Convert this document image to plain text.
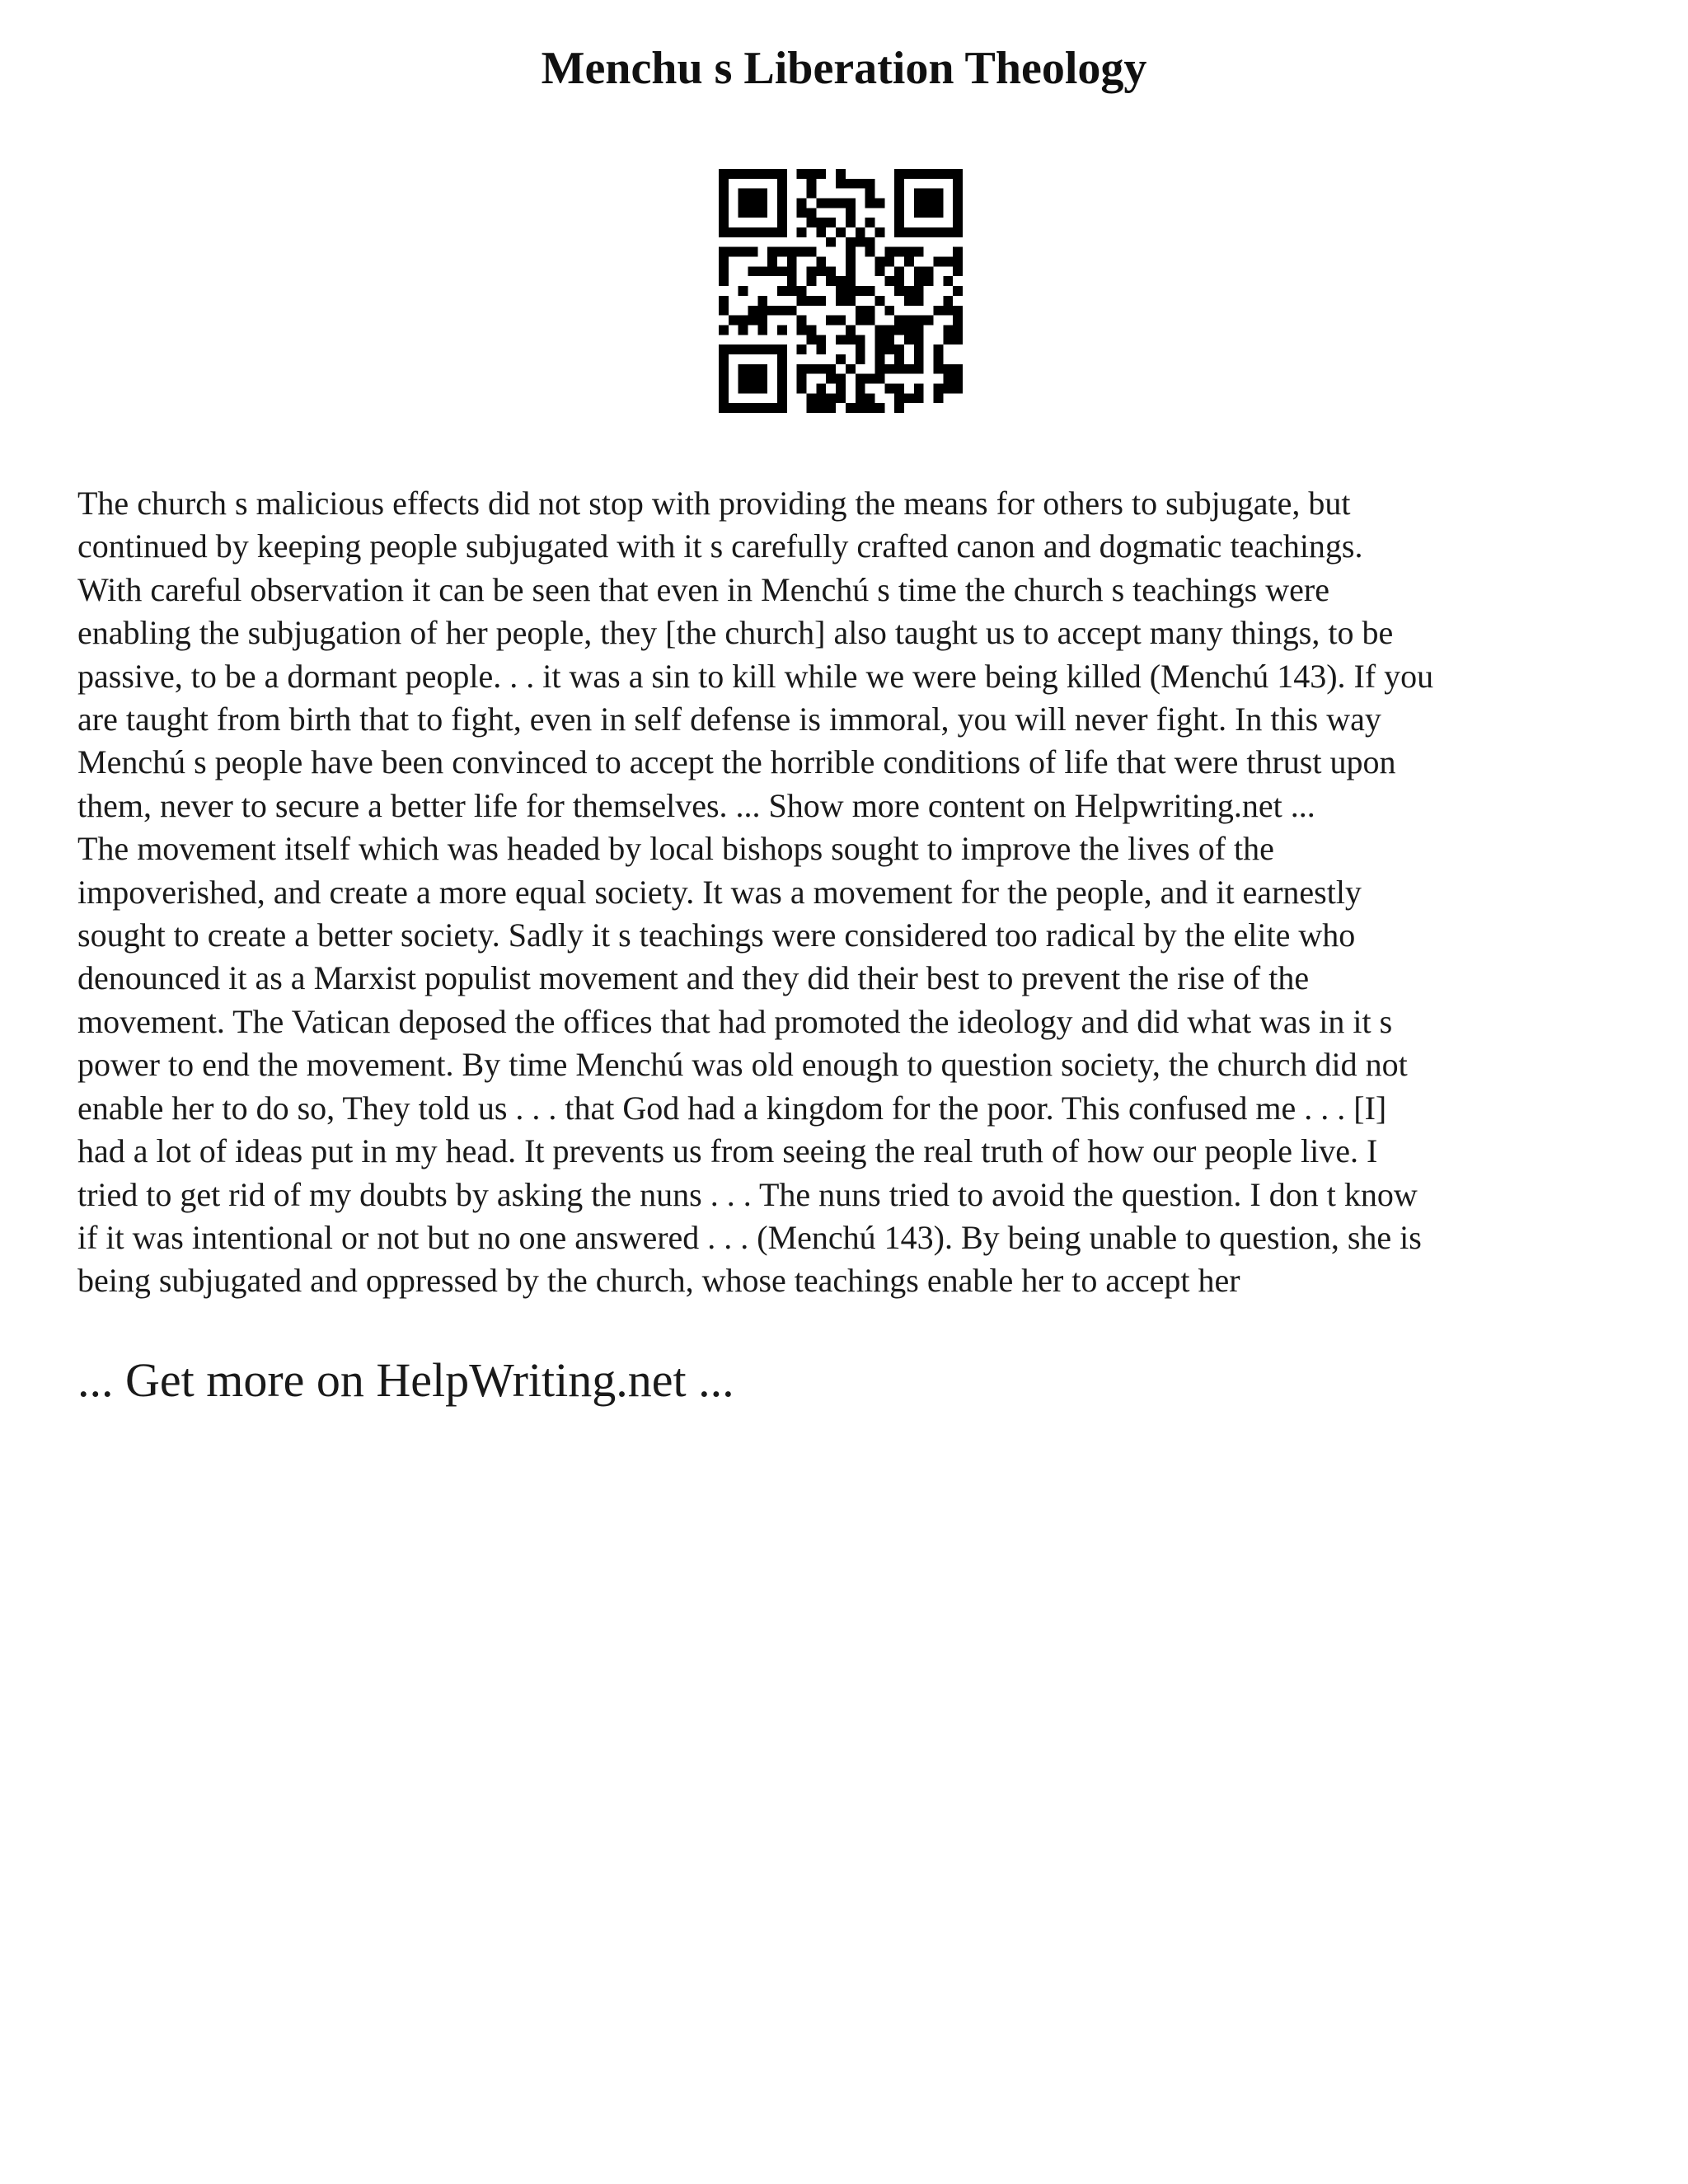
Menchu s Liberation Theology
The church s malicious effects did not stop with providing the means for others to subjugate, but
continued by keeping people subjugated with it s carefully crafted canon and dogmatic teachings.
With careful observation it can be seen that even in Menchú s time the church s teachings were
enabling the subjugation of her people, they [the church] also taught us to accept many things, to be
passive, to be a dormant people. . . it was a sin to kill while we were being killed (Menchú 143). If you
are taught from birth that to fight, even in self defense is immoral, you will never fight. In this way
Menchú s people have been convinced to accept the horrible conditions of life that were thrust upon
them, never to secure a better life for themselves. ... Show more content on Helpwriting.net ...
The movement itself which was headed by local bishops sought to improve the lives of the
impoverished, and create a more equal society. It was a movement for the people, and it earnestly
sought to create a better society. Sadly it s teachings were considered too radical by the elite who
denounced it as a Marxist populist movement and they did their best to prevent the rise of the
movement. The Vatican deposed the offices that had promoted the ideology and did what was in it s
power to end the movement. By time Menchú was old enough to question society, the church did not
enable her to do so, They told us . . . that God had a kingdom for the poor. This confused me . . . [I]
had a lot of ideas put in my head. It prevents us from seeing the real truth of how our people live. I
tried to get rid of my doubts by asking the nuns . . . The nuns tried to avoid the question. I don t know
if it was intentional or not but no one answered . . . (Menchú 143). By being unable to question, she is
being subjugated and oppressed by the church, whose teachings enable her to accept her

... Get more on HelpWriting.net ...
